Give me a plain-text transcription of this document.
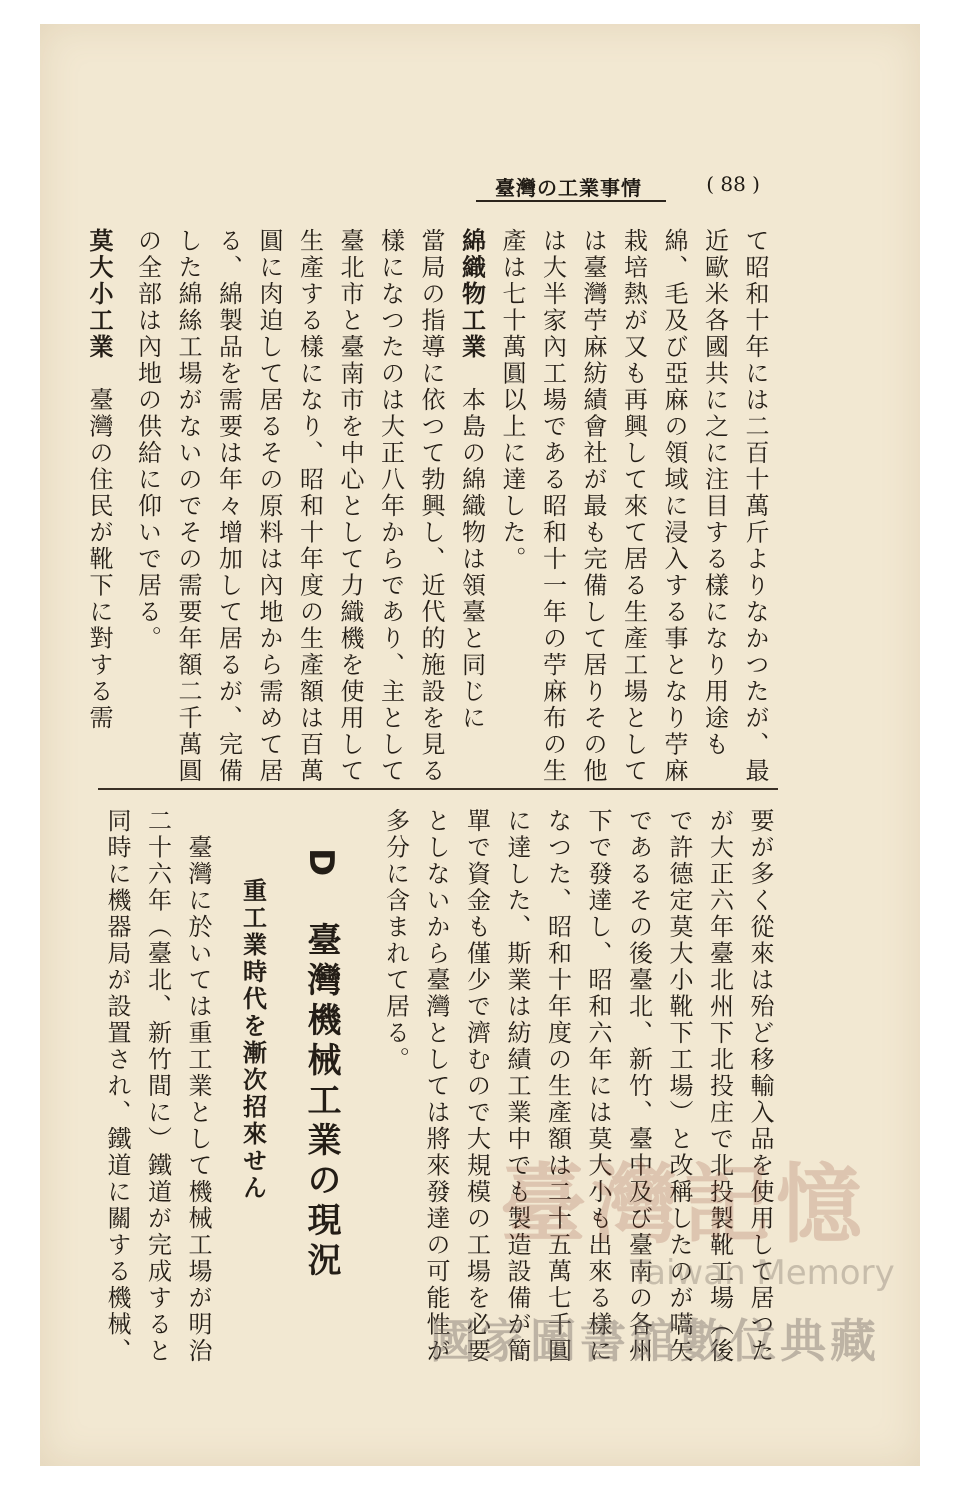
臺灣の工業事情	( 88 )
て昭和十年には二百十萬斤よりなかつたが、最
近歐米各國共に之に注目する樣になり用途も
綿、毛及び亞麻の領域に浸入する事となり苧麻
栽培熱が又も再興して來て居る生產工場として
は臺灣苧麻紡績會社が最も完備して居りその他
は大半家內工場である昭和十一年の苧麻布の生
產は七十萬圓以上に達した。
綿織物工業　本島の綿織物は領臺と同じに
當局の指導に依つて勃興し、近代的施設を見る
樣になつたのは大正八年からであり、主として
臺北市と臺南市を中心として力織機を使用して
生產する樣になり、昭和十年度の生產額は百萬
圓に肉迫して居るその原料は內地から需めて居
る、綿製品を需要は年々增加して居るが、完備
した綿絲工場がないのでその需要年額二千萬圓
の全部は內地の供給に仰いで居る。
莫大小工業　臺灣の住民が靴下に對する需
要が多く從來は殆ど移輸入品を使用して居つた
が大正六年臺北州下北投庄で北投製靴工場（後
で許德定莫大小靴下工場）と改稱したのが嚆矢
であるその後臺北、新竹、臺中及び臺南の各州
下で發達し、昭和六年には莫大小も出來る樣に
なつた、昭和十年度の生產額は二十五萬七千圓
に達した、斯業は紡績工業中でも製造設備が簡
單で資金も僅少で濟むので大規模の工場を必要
としないから臺灣としては將來發達の可能性が
多分に含まれて居る。
D　臺灣機械工業の現況
重工業時代を漸次招來せん
　臺灣に於いては重工業として機械工場が明治
二十六年（臺北、新竹間に）鐵道が完成すると
同時に機器局が設置され、鐵道に關する機械、	臺灣記憶
Taiwan Memory
國家圖書館數位典藏
